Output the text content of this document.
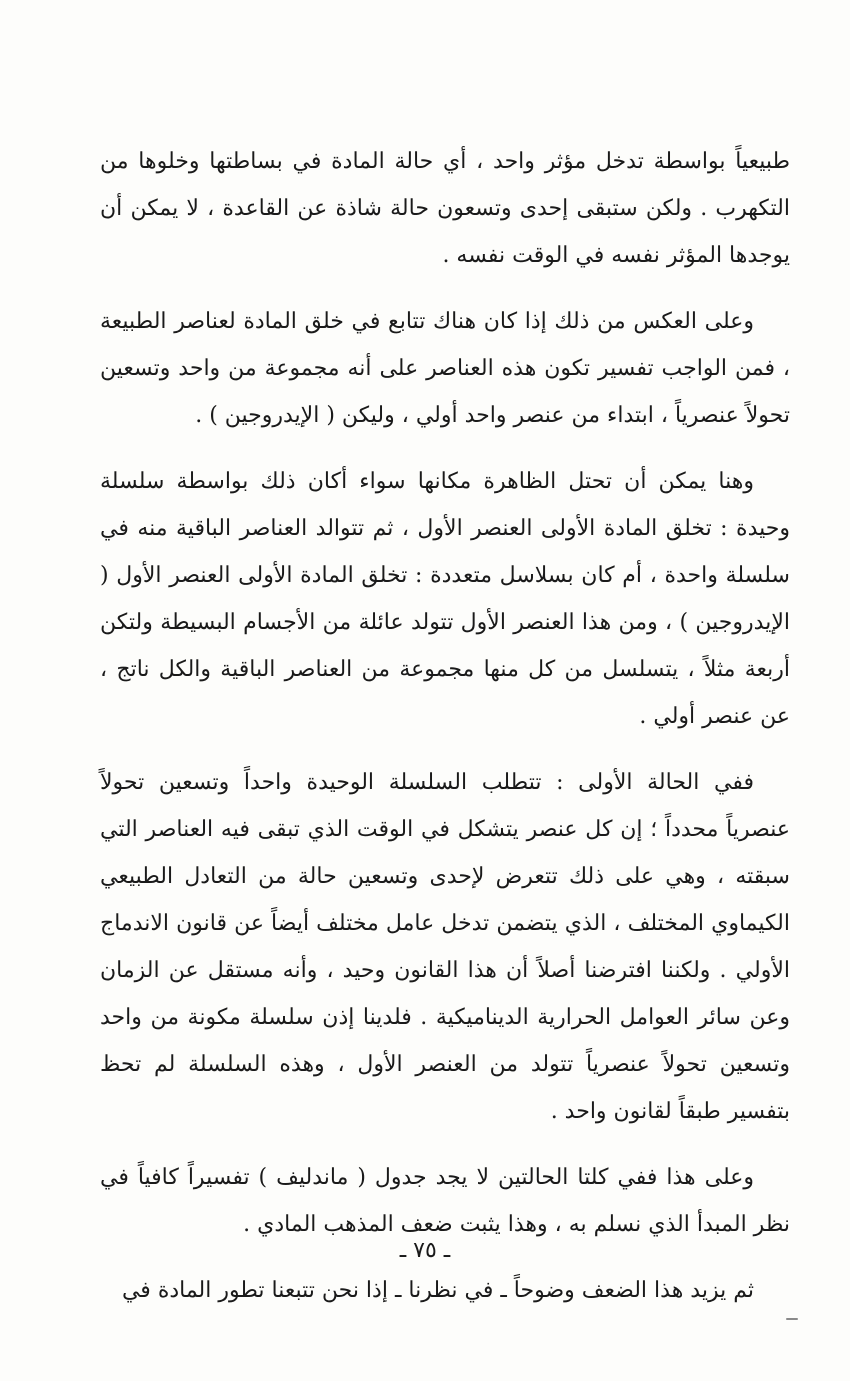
طبيعياً بواسطة تدخل مؤثر واحد ، أي حالة المادة في بساطتها وخلوها من التكهرب . ولكن ستبقى إحدى وتسعون حالة شاذة عن القاعدة ، لا يمكن أن يوجدها المؤثر نفسه في الوقت نفسه .

وعلى العكس من ذلك إذا كان هناك تتابع في خلق المادة لعناصر الطبيعة ، فمن الواجب تفسير تكون هذه العناصر على أنه مجموعة من واحد وتسعين تحولاً عنصرياً ، ابتداء من عنصر واحد أولي ، وليكن ( الإيدروجين ) .

وهنا يمكن أن تحتل الظاهرة مكانها سواء أكان ذلك بواسطة سلسلة وحيدة : تخلق المادة الأولى العنصر الأول ، ثم تتوالد العناصر الباقية منه في سلسلة واحدة ، أم كان بسلاسل متعددة : تخلق المادة الأولى العنصر الأول ( الإيدروجين ) ، ومن هذا العنصر الأول تتولد عائلة من الأجسام البسيطة ولتكن أربعة مثلاً ، يتسلسل من كل منها مجموعة من العناصر الباقية والكل ناتج ، عن عنصر أولي .

ففي الحالة الأولى : تتطلب السلسلة الوحيدة واحداً وتسعين تحولاً عنصرياً محدداً ؛ إن كل عنصر يتشكل في الوقت الذي تبقى فيه العناصر التي سبقته ، وهي على ذلك تتعرض لإحدى وتسعين حالة من التعادل الطبيعي الكيماوي المختلف ، الذي يتضمن تدخل عامل مختلف أيضاً عن قانون الاندماج الأولي . ولكننا افترضنا أصلاً أن هذا القانون وحيد ، وأنه مستقل عن الزمان وعن سائر العوامل الحرارية الديناميكية . فلدينا إذن سلسلة مكونة من واحد وتسعين تحولاً عنصرياً تتولد من العنصر الأول ، وهذه السلسلة لم تحظ بتفسير طبقاً لقانون واحد .

وعلى هذا ففي كلتا الحالتين لا يجد جدول ( ماندليف ) تفسيراً كافياً في نظر المبدأ الذي نسلم به ، وهذا يثبت ضعف المذهب المادي .

ثم يزيد هذا الضعف وضوحاً ـ في نظرنا ـ إذا نحن تتبعنا تطور المادة في

ـ ٧٥ ـ
